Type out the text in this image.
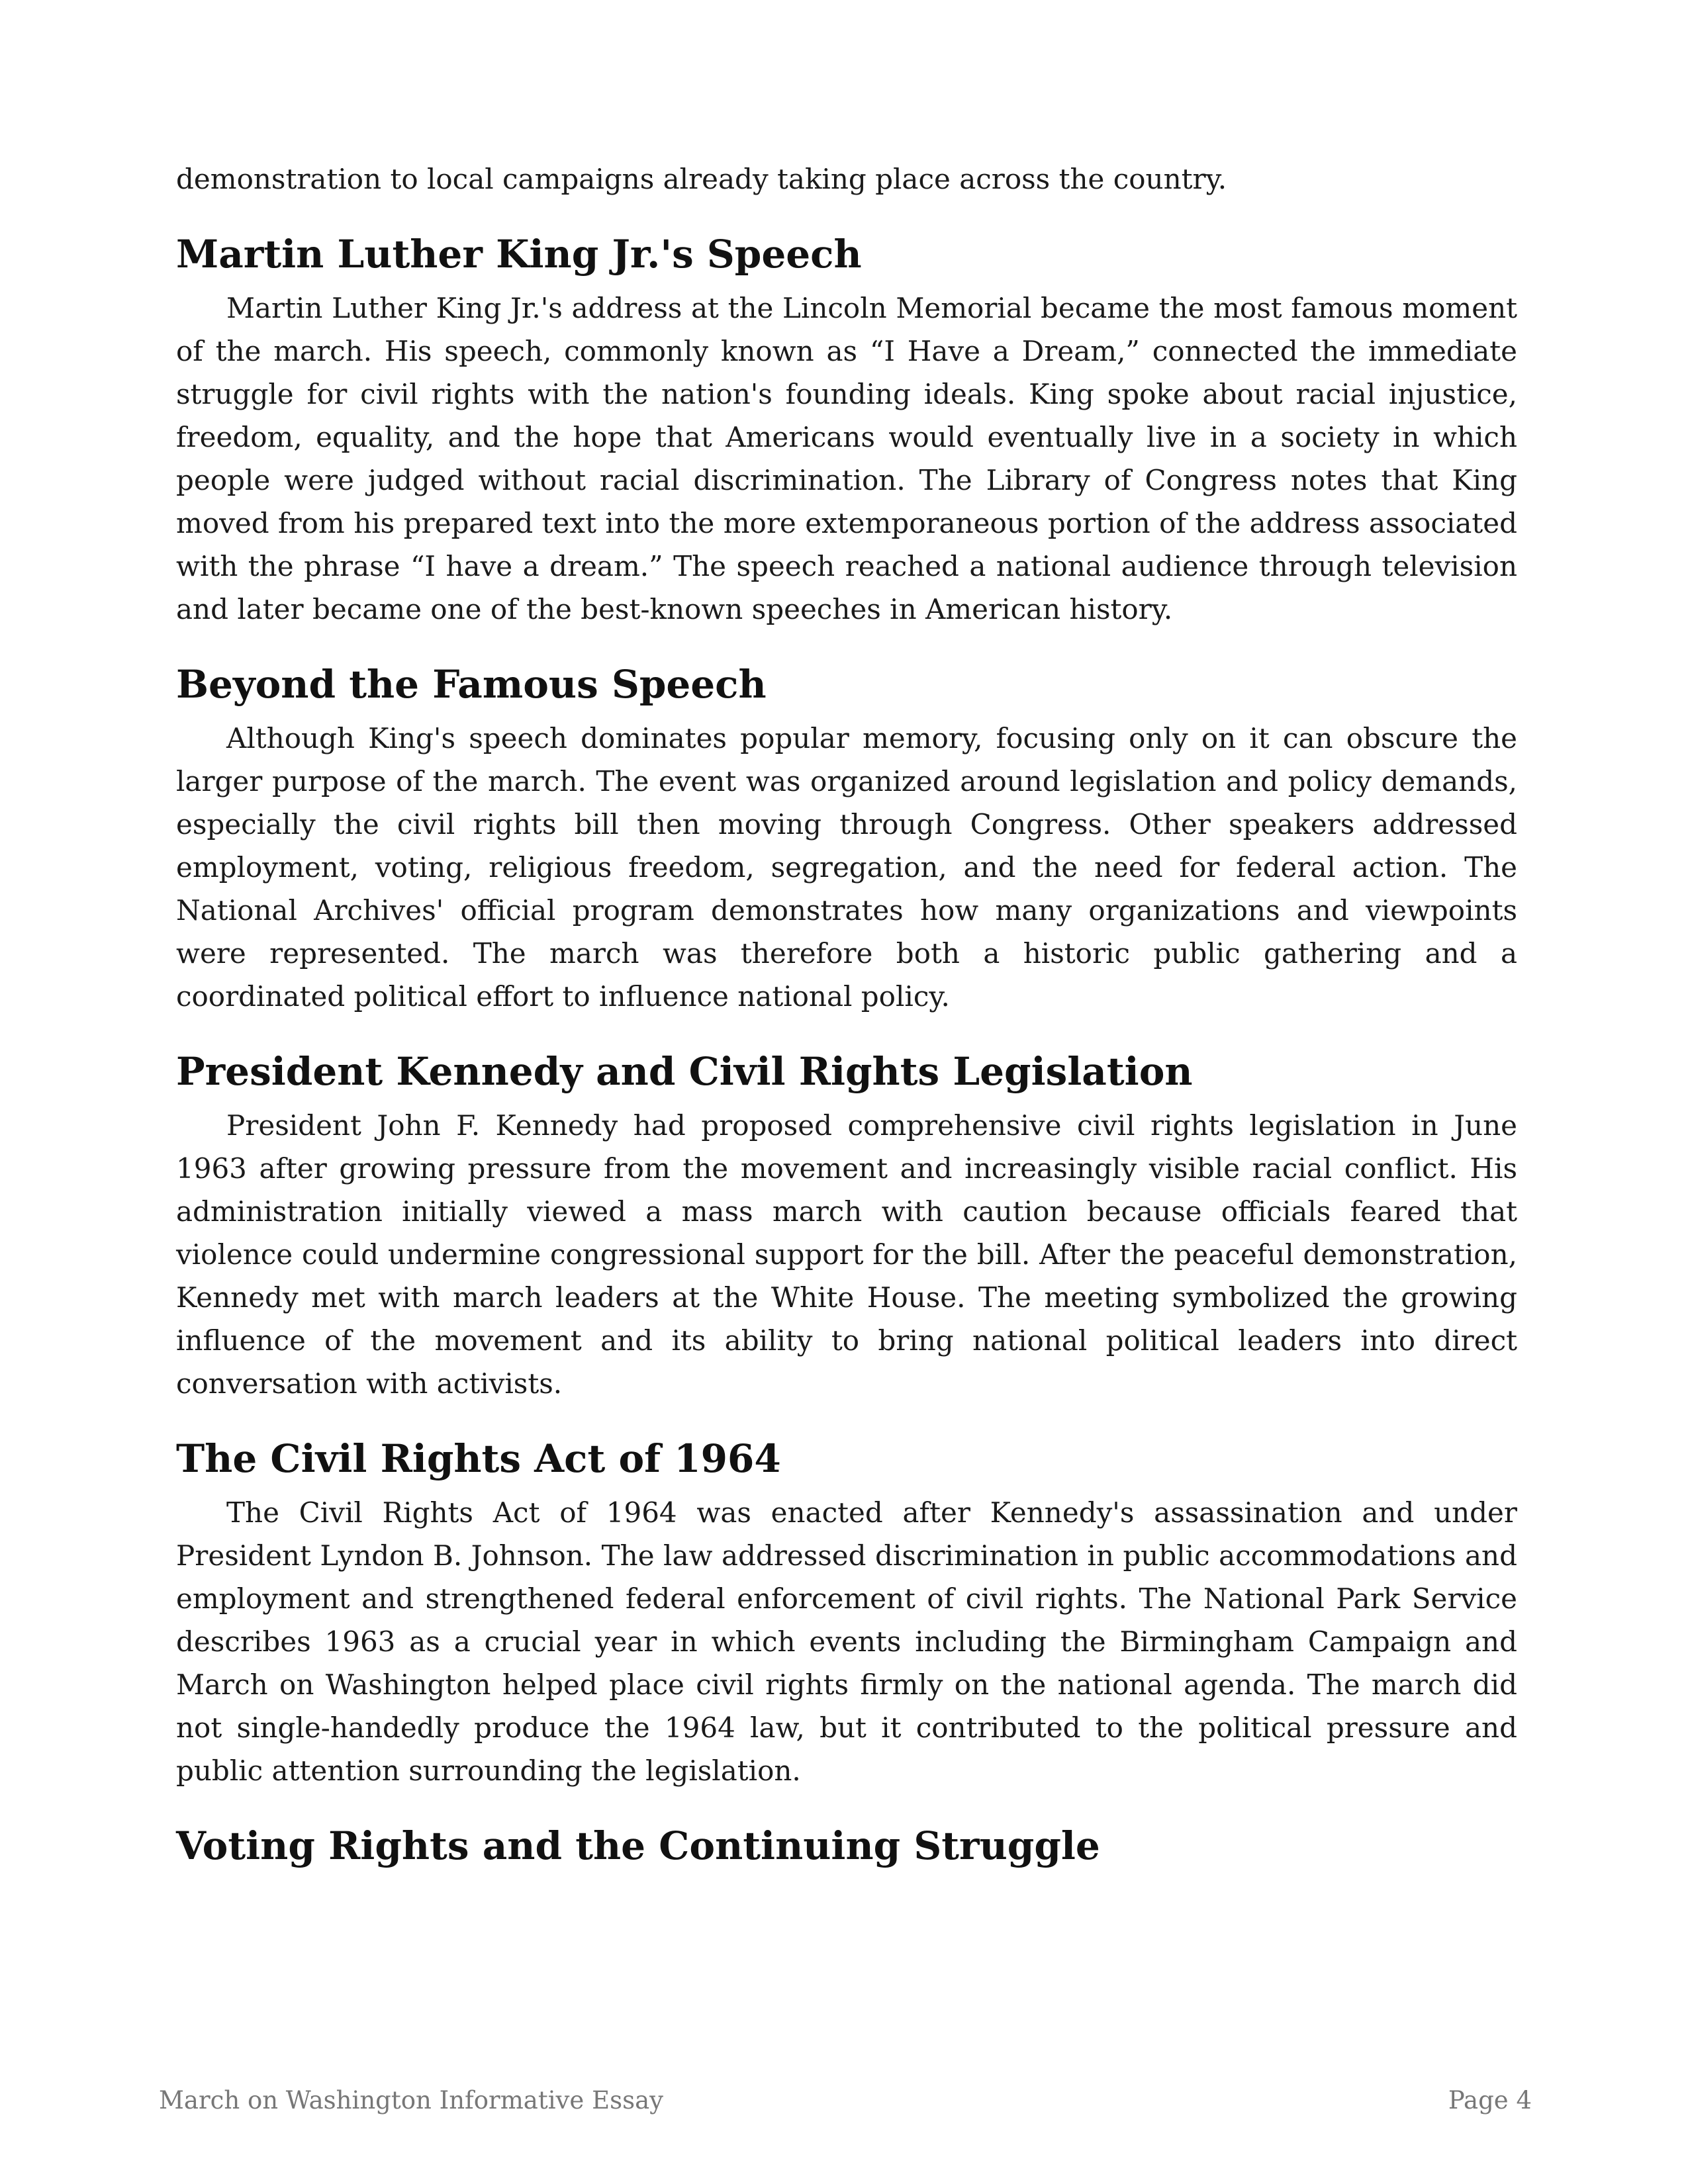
demonstration to local campaigns already taking place across the country.

Martin Luther King Jr.'s Speech

Martin Luther King Jr.'s address at the Lincoln Memorial became the most famous moment of the march. His speech, commonly known as “I Have a Dream,” connected the immediate struggle for civil rights with the nation's founding ideals. King spoke about racial injustice, freedom, equality, and the hope that Americans would eventually live in a society in which people were judged without racial discrimination. The Library of Congress notes that King moved from his prepared text into the more extemporaneous portion of the address associated with the phrase “I have a dream.” The speech reached a national audience through television and later became one of the best-known speeches in American history.

Beyond the Famous Speech

Although King's speech dominates popular memory, focusing only on it can obscure the larger purpose of the march. The event was organized around legislation and policy demands, especially the civil rights bill then moving through Congress. Other speakers addressed employment, voting, religious freedom, segregation, and the need for federal action. The National Archives' official program demonstrates how many organizations and viewpoints were represented. The march was therefore both a historic public gathering and a coordinated political effort to influence national policy.

President Kennedy and Civil Rights Legislation

President John F. Kennedy had proposed comprehensive civil rights legislation in June 1963 after growing pressure from the movement and increasingly visible racial conflict. His administration initially viewed a mass march with caution because officials feared that violence could undermine congressional support for the bill. After the peaceful demonstration, Kennedy met with march leaders at the White House. The meeting symbolized the growing influence of the movement and its ability to bring national political leaders into direct conversation with activists.

The Civil Rights Act of 1964

The Civil Rights Act of 1964 was enacted after Kennedy's assassination and under President Lyndon B. Johnson. The law addressed discrimination in public accommodations and employment and strengthened federal enforcement of civil rights. The National Park Service describes 1963 as a crucial year in which events including the Birmingham Campaign and March on Washington helped place civil rights firmly on the national agenda. The march did not single-handedly produce the 1964 law, but it contributed to the political pressure and public attention surrounding the legislation.

Voting Rights and the Continuing Struggle
March on Washington Informative Essay	Page 4
